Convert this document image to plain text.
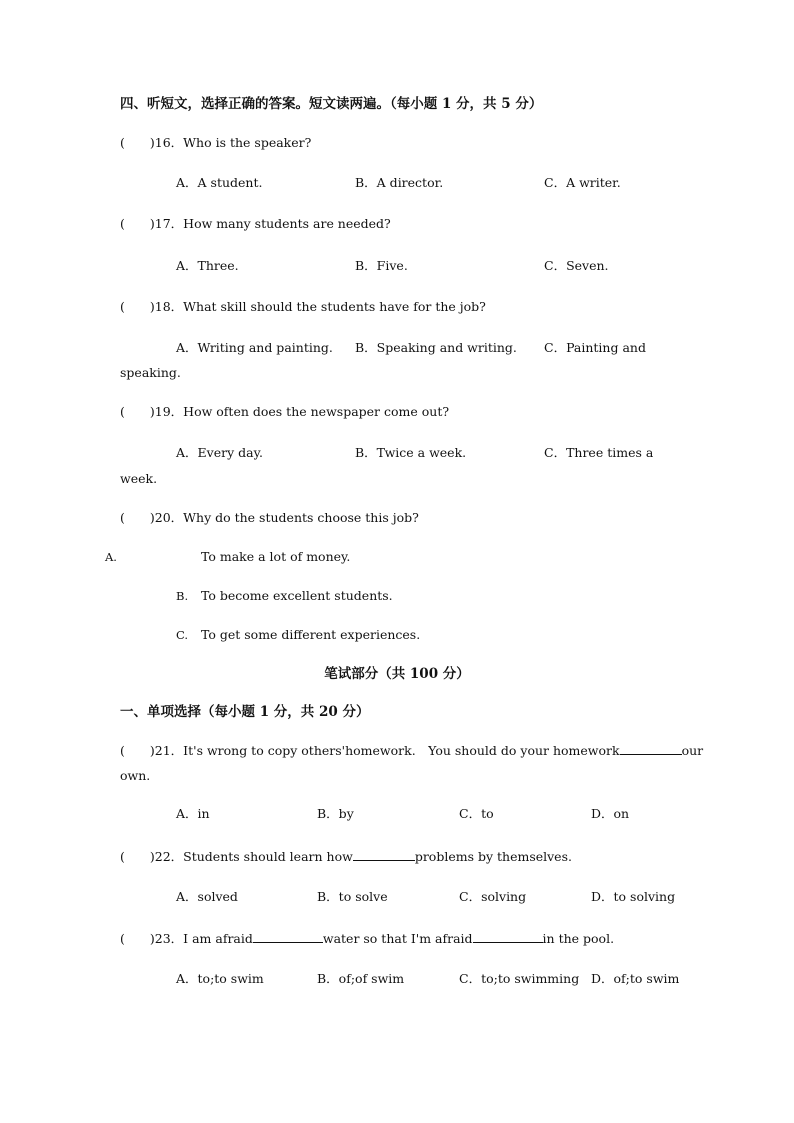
四、听短文，选择正确的答案。短文读两遍。（每小题 1 分，共 5 分）
(　　)16．Who is the speaker?
A．A student.	B．A director.	C．A writer.
(　　)17．How many students are needed?
A．Three.	B．Five.	C．Seven.
(　　)18．What skill should the students have for the job?
A．Writing and painting. B．Speaking and writing. C．Painting and
speaking.
(　　)19．How often does the newspaper come out?
A．Every day.	B．Twice a week.	C．Three times a
week.
(　　)20．Why do the students choose this job?
A.	To make a lot of money.
B. To become excellent students.
C. To get some different experiences.
笔试部分（共 100 分）
一、单项选择（每小题 1 分，共 20 分）
(　　)21．It's wrong to copy others'homework.　You should do your homework	our
own.
A．in	B．by	C．to	D．on
(　　)22．Students should learn how	problems by themselves.
A．solved	B．to solve	C．solving	D．to solving
(　　)23．I am afraid	water so that I'm afraid	in the pool.
A．to;to swim	B．of;of swim	C．to;to swimming D．of;to swim
